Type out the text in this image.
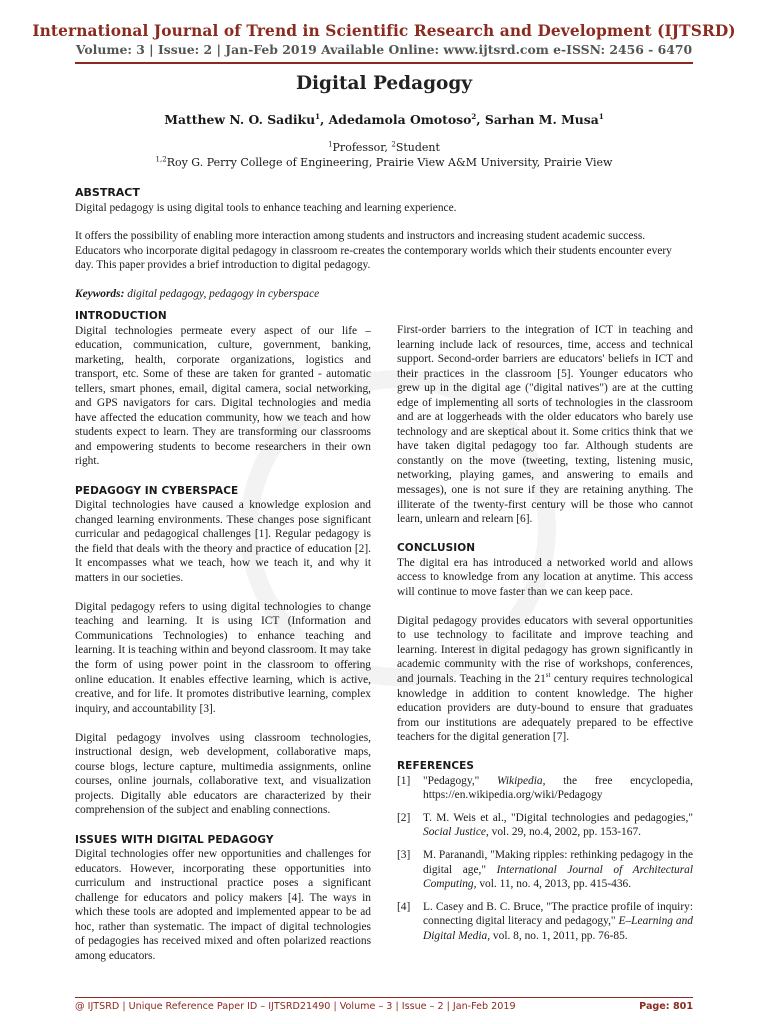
International Journal of Trend in Scientific Research and Development (IJTSRD)
Volume: 3 | Issue: 2 | Jan-Feb 2019 Available Online: www.ijtsrd.com e-ISSN: 2456 - 6470
Digital Pedagogy
Matthew N. O. Sadiku$^1$, Adedamola Omotoso$^2$, Sarhan M. Musa$^1$
$^1$Professor, $^2$Student
$^{1,2}$Roy G. Perry College of Engineering, Prairie View A&M University, Prairie View
ABSTRACT

Digital pedagogy is using digital tools to enhance teaching and learning experience.

It offers the possibility of enabling more interaction among students and instructors and increasing student academic success. Educators who incorporate digital pedagogy in classroom re-creates the contemporary worlds which their students encounter every day. This paper provides a brief introduction to digital pedagogy.

Keywords: digital pedagogy, pedagogy in cyberspace

INTRODUCTION

Digital technologies permeate every aspect of our life – education, communication, culture, government, banking, marketing, health, corporate organizations, logistics and transport, etc. Some of these are taken for granted - automatic tellers, smart phones, email, digital camera, social networking, and GPS navigators for cars. Digital technologies and media have affected the education community, how we teach and how students expect to learn. They are transforming our classrooms and empowering students to become researchers in their own right.

PEDAGOGY IN CYBERSPACE

Digital technologies have caused a knowledge explosion and changed learning environments. These changes pose significant curricular and pedagogical challenges [1]. Regular pedagogy is the field that deals with the theory and practice of education [2]. It encompasses what we teach, how we teach it, and why it matters in our societies.

Digital pedagogy refers to using digital technologies to change teaching and learning. It is using ICT (Information and Communications Technologies) to enhance teaching and learning. It is teaching within and beyond classroom. It may take the form of using power point in the classroom to offering online education. It enables effective learning, which is active, creative, and for life. It promotes distributive learning, complex inquiry, and accountability [3].

Digital pedagogy involves using classroom technologies, instructional design, web development, collaborative maps, course blogs, lecture capture, multimedia assignments, online courses, online journals, collaborative text, and visualization projects. Digitally able educators are characterized by their comprehension of the subject and enabling connections.

ISSUES WITH DIGITAL PEDAGOGY

Digital technologies offer new opportunities and challenges for educators. However, incorporating these opportunities into curriculum and instructional practice poses a significant challenge for educators and policy makers [4]. The ways in which these tools are adopted and implemented appear to be ad hoc, rather than systematic. The impact of digital technologies of pedagogies has received mixed and often polarized reactions among educators.

First-order barriers to the integration of ICT in teaching and learning include lack of resources, time, access and technical support. Second-order barriers are educators' beliefs in ICT and their practices in the classroom [5]. Younger educators who grew up in the digital age ("digital natives") are at the cutting edge of implementing all sorts of technologies in the classroom and are at loggerheads with the older educators who barely use technology and are skeptical about it. Some critics think that we have taken digital pedagogy too far. Although students are constantly on the move (tweeting, texting, listening music, networking, playing games, and answering to emails and messages), one is not sure if they are retaining anything. The illiterate of the twenty-first century will be those who cannot learn, unlearn and relearn [6].

CONCLUSION

The digital era has introduced a networked world and allows access to knowledge from any location at anytime. This access will continue to move faster than we can keep pace.

Digital pedagogy provides educators with several opportunities to use technology to facilitate and improve teaching and learning. Interest in digital pedagogy has grown significantly in academic community with the rise of workshops, conferences, and journals. Teaching in the 21st century requires technological knowledge in addition to content knowledge. The higher education providers are duty-bound to ensure that graduates from our institutions are adequately prepared to be effective teachers for the digital generation [7].

REFERENCES
[1]	"Pedagogy," Wikipedia, the free encyclopedia, https://en.wikipedia.org/wiki/Pedagogy
[2]	T. M. Weis et al., "Digital technologies and pedagogies," Social Justice, vol. 29, no.4, 2002, pp. 153-167.
[3]	M. Paranandi, "Making ripples: rethinking pedagogy in the digital age," International Journal of Architectural Computing, vol. 11, no. 4, 2013, pp. 415-436.
[4]	L. Casey and B. C. Bruce, "The practice profile of inquiry: connecting digital literacy and pedagogy," E–Learning and Digital Media, vol. 8, no. 1, 2011, pp. 76-85.
@ IJTSRD | Unique Reference Paper ID – IJTSRD21490 | Volume – 3 | Issue – 2 | Jan-Feb 2019	Page: 801
